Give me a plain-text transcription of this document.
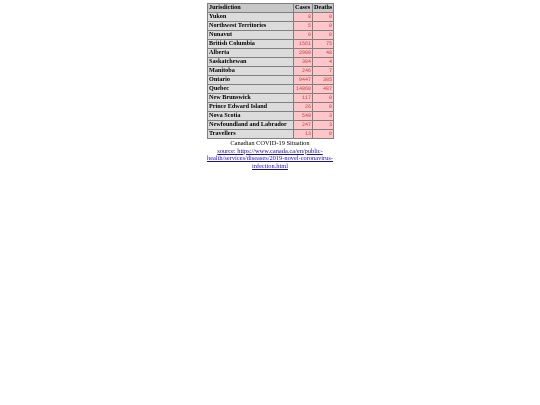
Jurisdiction	Cases	Deaths
Yukon	8	0
Northwest Territories	5	0
Nunavut	0	0
British Columbia	1561	75
Alberta	2908	48
Saskatchewan	304	4
Manitoba	246	7
Ontario	9447	385
Quebec	14860	487
New Brunswick	117	0
Prince Edward Island	26	0
Nova Scotia	549	3
Newfoundland and Labrador	247	3
Travellers	13	0
Canadian COVID-19 Situation
source: https://www.canada.ca/en/public-health/services/diseases/2019-novel-coronavirus-infection.html
